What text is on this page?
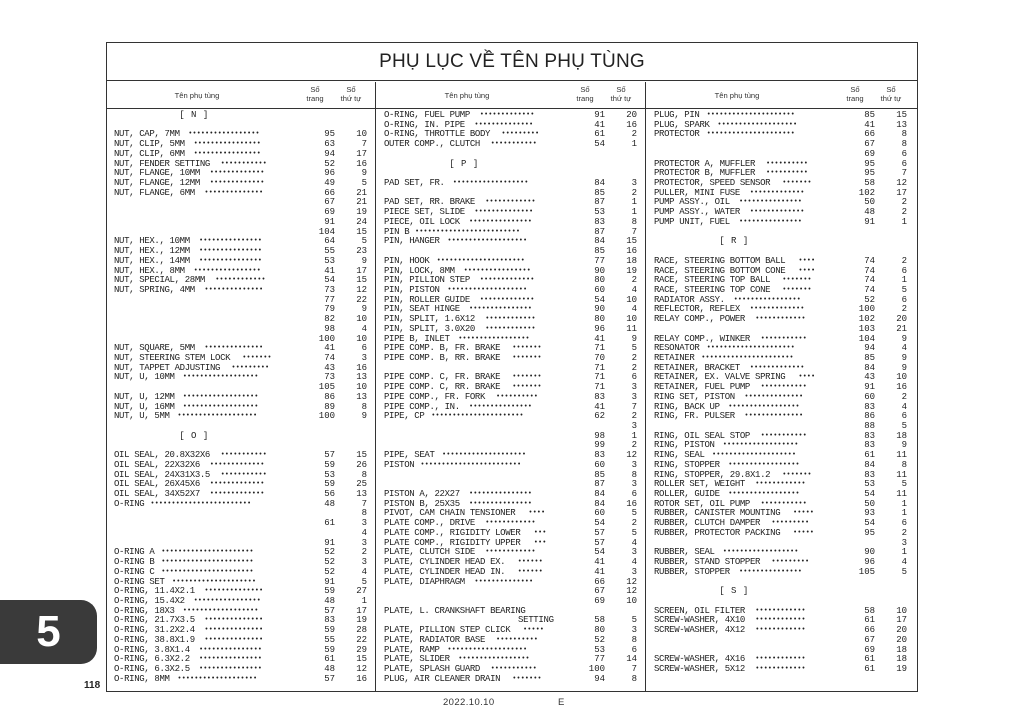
PHỤ LỤC VỀ TÊN PHỤ TÙNG
Tên phụ tùng
Số
trang
Số
thứ tự	Tên phụ tùng
Số
trang
Số
thứ tự	Tên phụ tùng
Số
trang
Số
thứ tự
[ N ]
NUT, CAP, 7MM •••••••••••••••••	95	10
NUT, CLIP, 5MM ••••••••••••••••	63	7
NUT, CLIP, 6MM ••••••••••••••••	94	17
NUT, FENDER SETTING •••••••••••	52	16
NUT, FLANGE, 10MM •••••••••••••	96	9
NUT, FLANGE, 12MM •••••••••••••	49	5
NUT, FLANGE, 6MM ••••••••••••••	66	21
67	21
69	19
91	24
104	15
NUT, HEX., 10MM •••••••••••••••	64	5
NUT, HEX., 12MM •••••••••••••••	55	23
NUT, HEX., 14MM •••••••••••••••	53	9
NUT, HEX., 8MM ••••••••••••••••	41	17
NUT, SPECIAL, 28MM ••••••••••••	54	15
NUT, SPRING, 4MM ••••••••••••••	73	12
77	22
79	9
82	10
98	4
100	10
NUT, SQUARE, 5MM ••••••••••••••	41	6
NUT, STEERING STEM LOCK •••••••	74	3
NUT, TAPPET ADJUSTING •••••••••	43	16
NUT, U, 10MM ••••••••••••••••••	73	13
105	10
NUT, U, 12MM ••••••••••••••••••	86	13
NUT, U, 16MM ••••••••••••••••••	89	8
NUT, U, 5MM •••••••••••••••••••	100	9
[ O ]
OIL SEAL, 20.8X32X6 •••••••••••	57	15
OIL SEAL, 22X32X6 •••••••••••••	59	26
OIL SEAL, 24X31X3.5 •••••••••••	53	8
OIL SEAL, 26X45X6 •••••••••••••	59	25
OIL SEAL, 34X52X7 •••••••••••••	56	13
O-RING ••••••••••••••••••••••••	48	7
8
61	3
4
91	3
O-RING A ••••••••••••••••••••••	52	2
O-RING B ••••••••••••••••••••••	52	3
O-RING C ••••••••••••••••••••••	52	4
O-RING SET ••••••••••••••••••••	91	5
O-RING, 11.4X2.1 ••••••••••••••	59	27
O-RING, 15.4X2 ••••••••••••••••	48	1
O-RING, 18X3 ••••••••••••••••••	57	17
O-RING, 21.7X3.5 ••••••••••••••	83	19
O-RING, 31.2X2.4 ••••••••••••••	59	28
O-RING, 38.8X1.9 ••••••••••••••	55	22
O-RING, 3.8X1.4 •••••••••••••••	59	29
O-RING, 6.3X2.2 •••••••••••••••	61	15
O-RING, 6.3X2.5 •••••••••••••••	48	12
O-RING, 8MM •••••••••••••••••••	57	16
O-RING, FUEL PUMP •••••••••••••	91	20
O-RING, IN. PIPE ••••••••••••••	41	16
O-RING, THROTTLE BODY •••••••••	61	2
OUTER COMP., CLUTCH •••••••••••	54	1
[ P ]
PAD SET, FR. ••••••••••••••••••	84	3
85	2
PAD SET, RR. BRAKE ••••••••••••	87	1
PIECE SET, SLIDE ••••••••••••••	53	1
PIECE, OIL LOCK •••••••••••••••	83	8
PIN B •••••••••••••••••••••••••	87	7
PIN, HANGER •••••••••••••••••••	84	15
85	16
PIN, HOOK •••••••••••••••••••••	77	18
PIN, LOCK, 8MM ••••••••••••••••	90	19
PIN, PILLION STEP •••••••••••••	80	2
PIN, PISTON •••••••••••••••••••	60	4
PIN, ROLLER GUIDE •••••••••••••	54	10
PIN, SEAT HINGE •••••••••••••••	90	4
PIN, SPLIT, 1.6X12 ••••••••••••	80	10
PIN, SPLIT, 3.0X20 ••••••••••••	96	11
PIPE B, INLET •••••••••••••••••	41	9
PIPE COMP. B, FR. BRAKE •••••••	71	5
PIPE COMP. B, RR. BRAKE •••••••	70	2
71	2
PIPE COMP. C, FR. BRAKE •••••••	71	6
PIPE COMP. C, RR. BRAKE •••••••	71	3
PIPE COMP., FR. FORK ••••••••••	83	3
PIPE COMP., IN. •••••••••••••••	41	7
PIPE, CP ••••••••••••••••••••••	62	2
3
98	1
99	2
PIPE, SEAT ••••••••••••••••••••	83	12
PISTON ••••••••••••••••••••••••	60	3
85	8
87	3
PISTON A, 22X27 •••••••••••••••	84	6
PISTON B, 25X35 •••••••••••••••	84	16
PIVOT, CAM CHAIN TENSIONER ••••	60	5
PLATE COMP., DRIVE ••••••••••••	54	2
PLATE COMP., RIGIDITY LOWER •••	57	5
PLATE COMP., RIGIDITY UPPER •••	57	4
PLATE, CLUTCH SIDE ••••••••••••	54	3
PLATE, CYLINDER HEAD EX. ••••••	41	4
PLATE, CYLINDER HEAD IN. ••••••	41	3
PLATE, DIAPHRAGM ••••••••••••••	66	12
67	12
69	10
PLATE, L. CRANKSHAFT BEARING
SETTING	58	5
PLATE, PILLION STEP CLICK •••••	80	3
PLATE, RADIATOR BASE ••••••••••	52	8
PLATE, RAMP •••••••••••••••••••	53	6
PLATE, SLIDER •••••••••••••••••	77	14
PLATE, SPLASH GUARD •••••••••••	100	7
PLUG, AIR CLEANER DRAIN •••••••	94	8
PLUG, PIN •••••••••••••••••••••	85	15
PLUG, SPARK •••••••••••••••••••	41	13
PROTECTOR •••••••••••••••••••••	66	8
67	8
69	6
PROTECTOR A, MUFFLER ••••••••••	95	6
PROTECTOR B, MUFFLER ••••••••••	95	7
PROTECTOR, SPEED SENSOR •••••••	58	12
PULLER, MINI FUSE •••••••••••••	102	17
PUMP ASSY., OIL •••••••••••••••	50	2
PUMP ASSY., WATER •••••••••••••	48	2
PUMP UNIT, FUEL •••••••••••••••	91	1
[ R ]
RACE, STEERING BOTTOM BALL ••••	74	2
RACE, STEERING BOTTOM CONE ••••	74	6
RACE, STEERING TOP BALL •••••••	74	1
RACE, STEERING TOP CONE •••••••	74	5
RADIATOR ASSY. ••••••••••••••••	52	6
REFLECTOR, REFLEX •••••••••••••	100	2
RELAY COMP., POWER ••••••••••••	102	20
103	21
RELAY COMP., WINKER •••••••••••	104	9
RESONATOR •••••••••••••••••••••	94	4
RETAINER ••••••••••••••••••••••	85	9
RETAINER, BRACKET •••••••••••••	84	9
RETAINER, EX. VALVE SPRING ••••	43	10
RETAINER, FUEL PUMP •••••••••••	91	16
RING SET, PISTON ••••••••••••••	60	2
RING, BACK UP •••••••••••••••••	83	4
RING, FR. PULSER ••••••••••••••	86	6
88	5
RING, OIL SEAL STOP •••••••••••	83	18
RING, PISTON ••••••••••••••••••	83	9
RING, SEAL ••••••••••••••••••••	61	11
RING, STOPPER •••••••••••••••••	84	8
RING, STOPPER, 29.8X1.2 •••••••	83	11
ROLLER SET, WEIGHT ••••••••••••	53	5
ROLLER, GUIDE •••••••••••••••••	54	11
ROTOR SET, OIL PUMP •••••••••••	50	1
RUBBER, CANISTER MOUNTING •••••	93	1
RUBBER, CLUTCH DAMPER •••••••••	54	6
RUBBER, PROTECTOR PACKING •••••	95	2
3
RUBBER, SEAL ••••••••••••••••••	90	1
RUBBER, STAND STOPPER •••••••••	96	4
RUBBER, STOPPER •••••••••••••••	105	5
[ S ]
SCREEN, OIL FILTER ••••••••••••	58	10
SCREW-WASHER, 4X10 ••••••••••••	61	17
SCREW-WASHER, 4X12 ••••••••••••	66	20
67	20
69	18
SCREW-WASHER, 4X16 ••••••••••••	61	18
SCREW-WASHER, 5X12 ••••••••••••	61	19
5
118
2022.10.10	E
